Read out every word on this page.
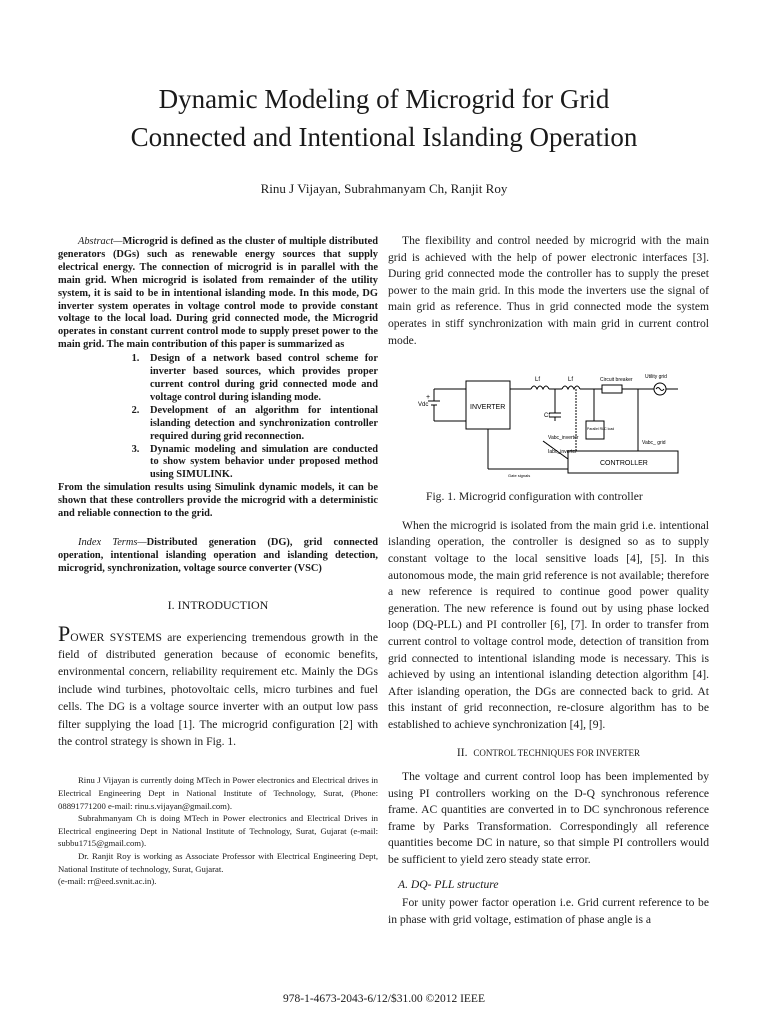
Dynamic Modeling of Microgrid for Grid
Connected and Intentional Islanding Operation
Rinu J Vijayan, Subrahmanyam Ch, Ranjit Roy

Abstract—Microgrid is defined as the cluster of multiple distributed generators (DGs) such as renewable energy sources that supply electrical energy. The connection of microgrid is in parallel with the main grid. When microgrid is isolated from remainder of the utility system, it is said to be in intentional islanding mode. In this mode, DG inverter system operates in voltage control mode to provide constant voltage to the local load. During grid connected mode, the Microgrid operates in constant current control mode to supply preset power to the main grid. The main contribution of this paper is summarized as

1. Design of a network based control scheme for inverter based sources, which provides proper current control during grid connected mode and voltage control during islanding mode.
2. Development of an algorithm for intentional islanding detection and synchronization controller required during grid reconnection.
3. Dynamic modeling and simulation are conducted to show system behavior under proposed method using SIMULINK.

From the simulation results using Simulink dynamic models, it can be shown that these controllers provide the microgrid with a deterministic and reliable connection to the grid.

Index Terms—Distributed generation (DG), grid connected operation, intentional islanding operation and islanding detection, microgrid, synchronization, voltage source converter (VSC)

I. INTRODUCTION

POWER SYSTEMS are experiencing tremendous growth in the field of distributed generation because of economic benefits, environmental concern, reliability requirement etc. Mainly the DGs include wind turbines, photovoltaic cells, micro turbines and fuel cells. The DG is a voltage source inverter with an output low pass filter supplying the load [1]. The microgrid configuration [2] with the control strategy is shown in Fig. 1.

Rinu J Vijayan is currently doing MTech in Power electronics and Electrical drives in Electrical Engineering Dept in National Institute of Technology, Surat, (Phone: 08891771200 e-mail: rinu.s.vijayan@gmail.com).

Subrahmanyam Ch is doing MTech in Power electronics and Electrical Drives in Electrical engineering Dept in National Institute of Technology, Surat, Gujarat (e-mail: subbu1715@gmail.com).

Dr. Ranjit Roy is working as Associate Professor with Electrical Engineering Dept, National Institute of technology, Surat, Gujarat.

(e-mail: rr@eed.svnit.ac.in).

The flexibility and control needed by microgrid with the main grid is achieved with the help of power electronic interfaces [3]. During grid connected mode the controller has to supply the preset power to the main grid. In this mode the inverters use the signal of main grid as reference. Thus in grid connected mode the system operates in stiff synchronization with main grid in current control mode.

Vdc
+
INVERTER
Lf	Lf
Cf
Circuit breaker Utility grid
Parallel RLC load
Vabc_inverter
Iabc_inverter
Vabc_ grid
CONTROLLER
Gate signals
Fig. 1. Microgrid configuration with controller

When the microgrid is isolated from the main grid i.e. intentional islanding operation, the controller is designed so as to supply constant voltage to the local sensitive loads [4], [5]. In this autonomous mode, the main grid reference is not available; therefore a new reference is required to continue good power quality generation. The new reference is found out by using phase locked loop (DQ-PLL) and PI controller [6], [7]. In order to transfer from current control to voltage control mode, detection of transition from grid connected to intentional islanding mode is necessary. This is achieved by using an intentional islanding detection algorithm [4]. After islanding operation, the DGs are connected back to grid. At this instant of grid reconnection, re-closure algorithm has to be established to achieve synchronization [4], [9].

II. CONTROL TECHNIQUES FOR INVERTER

The voltage and current control loop has been implemented by using PI controllers working on the D-Q synchronous reference frame. AC quantities are converted in to DC synchronous reference frame by Parks Transformation. Correspondingly all reference quantities become DC in nature, so that simple PI controllers would be sufficient to yield zero steady state error.

A. DQ- PLL structure

For unity power factor operation i.e. Grid current reference to be in phase with grid voltage, estimation of phase angle is a

978-1-4673-2043-6/12/$31.00 ©2012 IEEE
